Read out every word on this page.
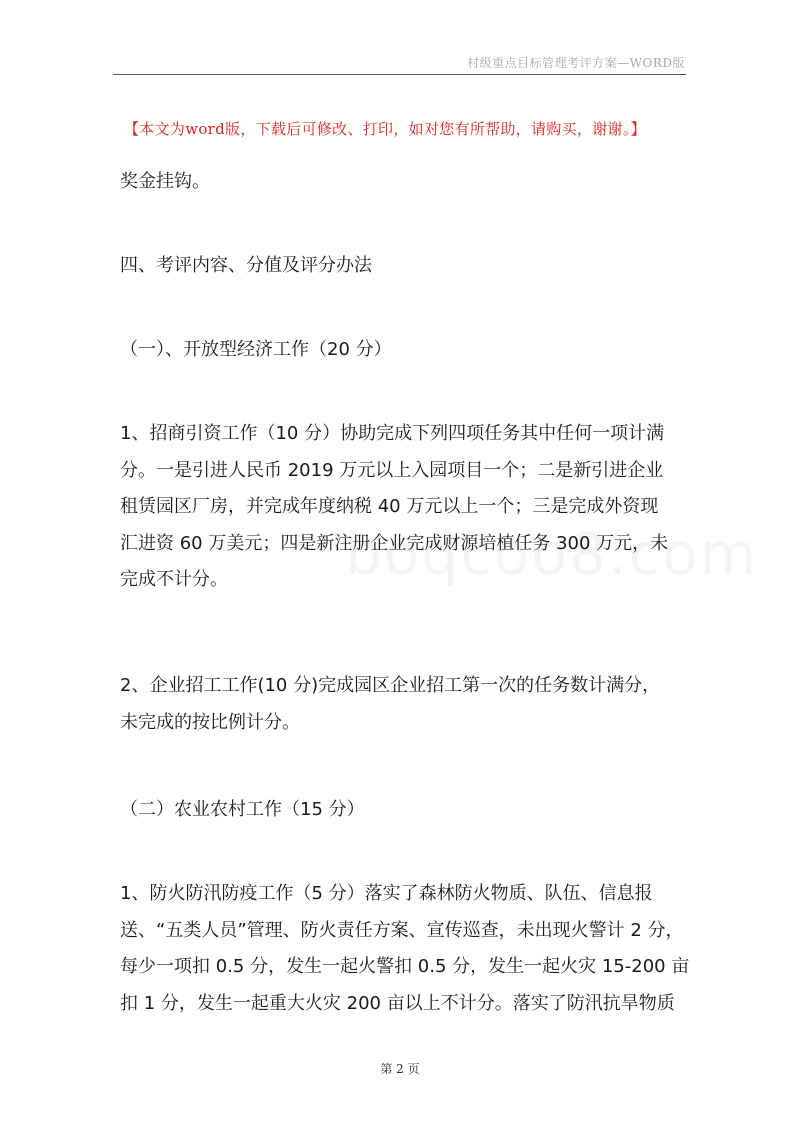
村级重点目标管理考评方案—WORD版
【本文为word版，下载后可修改、打印，如对您有所帮助，请购买，谢谢。】
奖金挂钩。
四、考评内容、分值及评分办法
（一）、开放型经济工作（20 分）
1、招商引资工作（10 分）协助完成下列四项任务其中任何一项计满
分。一是引进人民币 2019 万元以上入园项目一个；二是新引进企业
租赁园区厂房，并完成年度纳税 40 万元以上一个；三是完成外资现
汇进资 60 万美元；四是新注册企业完成财源培植任务 300 万元，未
完成不计分。
2、企业招工工作(10 分)完成园区企业招工第一次的任务数计满分，
未完成的按比例计分。
（二）农业农村工作（15 分）
1、防火防汛防疫工作（5 分）落实了森林防火物质、队伍、信息报
送、“五类人员”管理、防火责任方案、宣传巡查，未出现火警计 2 分，
每少一项扣 0.5 分，发生一起火警扣 0.5 分，发生一起火灾 15-200 亩
扣 1 分，发生一起重大火灾 200 亩以上不计分。落实了防汛抗旱物质
第 2 页
